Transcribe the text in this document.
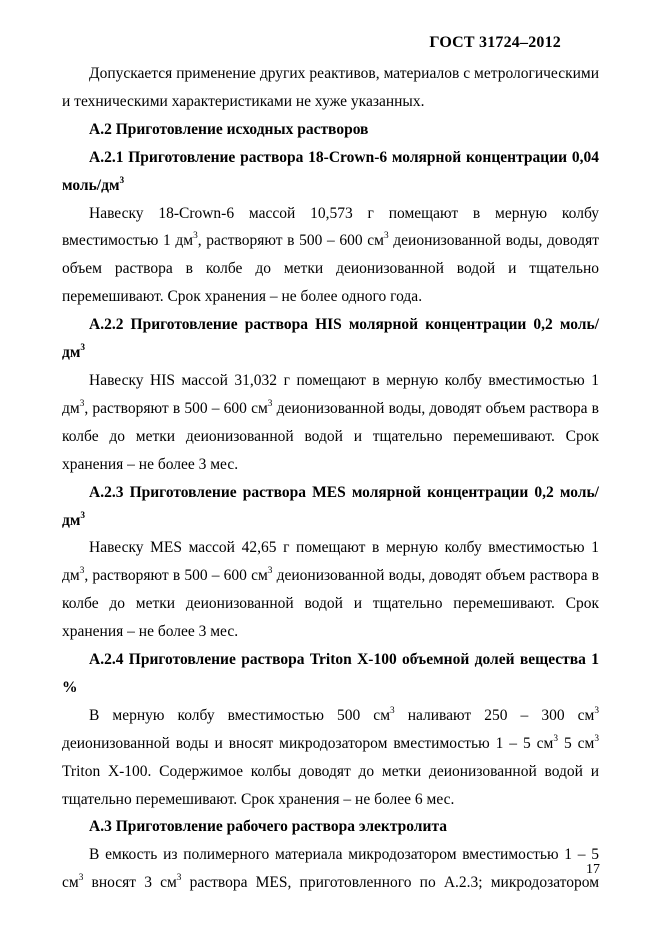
ГОСТ 31724–2012

Допускается применение других реактивов, материалов с метрологическими и техническими характеристиками не хуже указанных.

А.2 Приготовление исходных растворов

А.2.1 Приготовление раствора 18-Crown-6 молярной концентрации 0,04 моль/$дм^3$

Навеску 18-Crown-6 массой 10,573 г помещают в мерную колбу вместимостью 1 $дм^3$, растворяют в 500 – 600 $см^3$ деионизованной воды, доводят объем раствора в колбе до метки деионизованной водой и тщательно перемешивают. Срок хранения – не более одного года.

А.2.2 Приготовление раствора HIS молярной концентрации 0,2 моль/$дм^3$

Навеску HIS массой 31,032 г помещают в мерную колбу вместимостью 1 $дм^3$, растворяют в 500 – 600 $см^3$ деионизованной воды, доводят объем раствора в колбе до метки деионизованной водой и тщательно перемешивают. Срок хранения – не более 3 мес.

А.2.3 Приготовление раствора MES молярной концентрации 0,2 моль/$дм^3$

Навеску MES массой 42,65 г помещают в мерную колбу вместимостью 1 $дм^3$, растворяют в 500 – 600 $см^3$ деионизованной воды, доводят объем раствора в колбе до метки деионизованной водой и тщательно перемешивают. Срок хранения – не более 3 мес.

А.2.4 Приготовление раствора Triton X-100 объемной долей вещества 1 %

В мерную колбу вместимостью 500 $см^3$ наливают 250 – 300 $см^3$ деионизованной воды и вносят микродозатором вместимостью 1 – 5 $см^3$ 5 $см^3$ Triton X-100. Содержимое колбы доводят до метки деионизованной водой и тщательно перемешивают. Срок хранения – не более 6 мес.

А.3 Приготовление рабочего раствора электролита

В емкость из полимерного материала микродозатором вместимостью 1 – 5 $см^3$ вносят 3 $см^3$ раствора MES, приготовленного по А.2.3; микродозатором

17
